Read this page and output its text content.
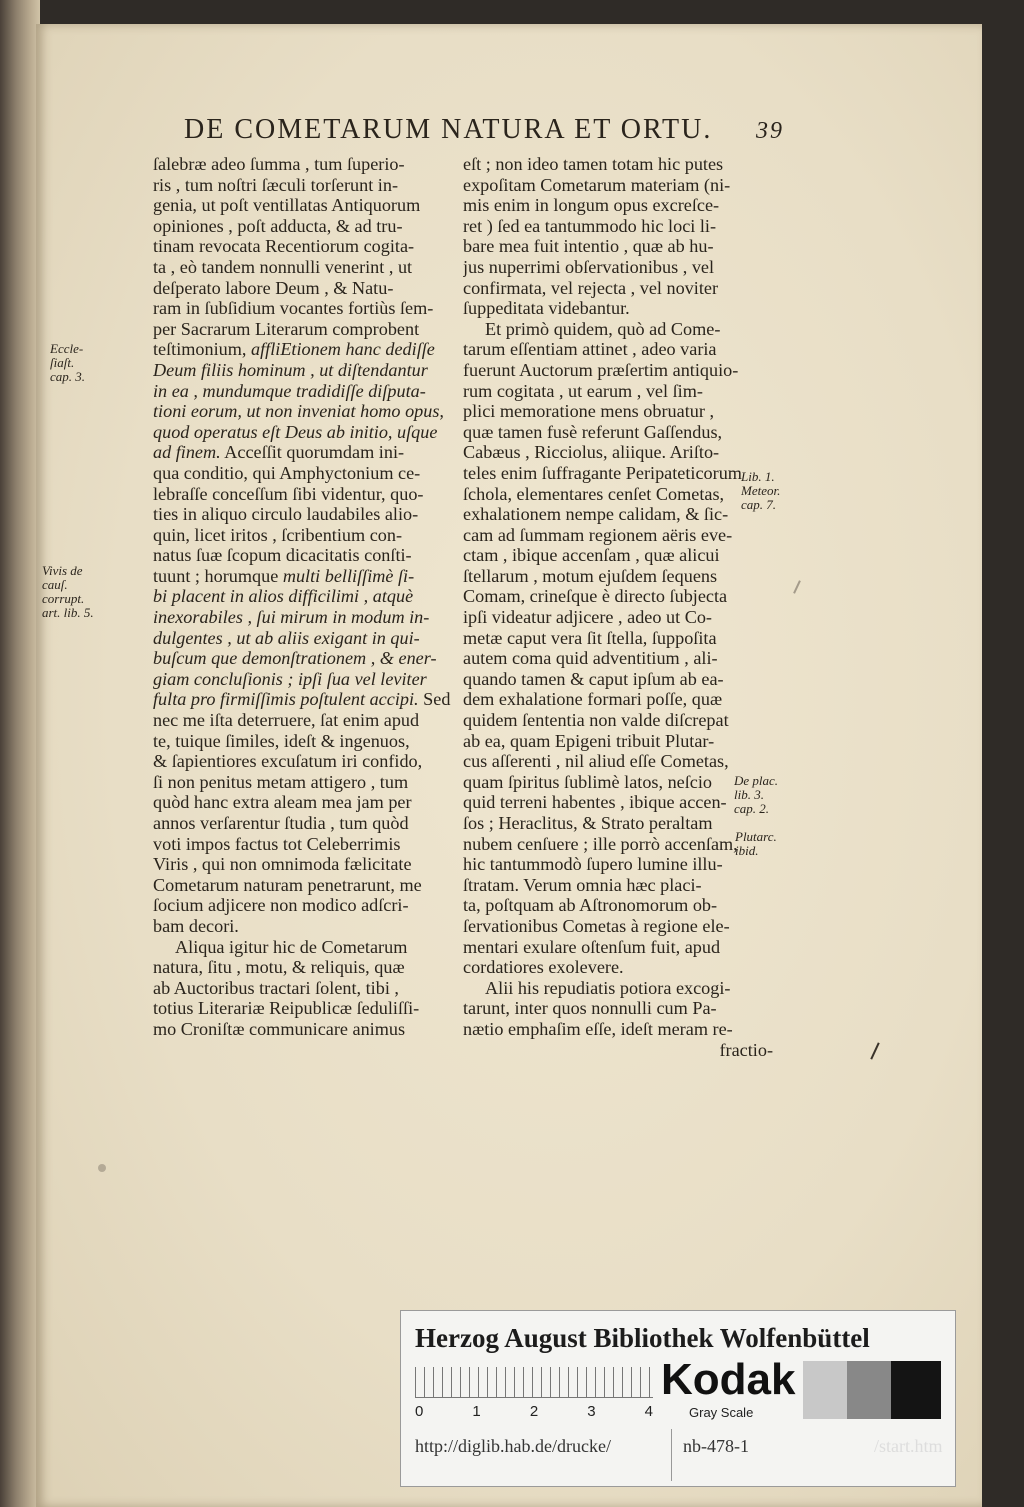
DE COMETARUM NATURA ET ORTU.	39
ſalebræ adeo ſumma , tum ſuperio-
ris , tum noſtri ſæculi torſerunt in-
genia, ut poſt ventillatas Antiquorum
opiniones , poſt adducta, & ad tru-
tinam revocata Recentiorum cogita-
ta , eò tandem nonnulli venerint , ut
deſperato labore Deum , & Natu-
ram in ſubſidium vocantes fortiùs ſem-
per Sacrarum Literarum comprobent
teſtimonium, affliEtionem hanc dediſſe
Deum filiis hominum , ut diſtendantur
in ea , mundumque tradidiſſe diſputa-
tioni eorum, ut non inveniat homo opus,
quod operatus eſt Deus ab initio, uſque
ad finem. Acceſſit quorumdam ini-
qua conditio, qui Amphyctonium ce-
lebraſſe conceſſum ſibi videntur, quo-
ties in aliquo circulo laudabiles alio-
quin, licet iritos , ſcribentium con-
natus ſuæ ſcopum dicacitatis conſti-
tuunt ; horumque multi belliſſimè ſi-
bi placent in alios difficilimi , atquè
inexorabiles , ſui mirum in modum in-
dulgentes , ut ab aliis exigant in qui-
buſcum que demonſtrationem , & ener-
giam concluſionis ; ipſi ſua vel leviter
fulta pro firmiſſimis poſtulent accipi. Sed
nec me iſta deterruere, ſat enim apud
te, tuique ſimiles, ideſt & ingenuos,
& ſapientiores excuſatum iri confido,
ſi non penitus metam attigero , tum
quòd hanc extra aleam mea jam per
annos verſarentur ſtudia , tum quòd
voti impos factus tot Celeberrimis
Viris , qui non omnimoda fælicitate
Cometarum naturam penetrarunt, me
ſocium adjicere non modico adſcri-
bam decori.
Aliqua igitur hic de Cometarum
natura, ſitu , motu, & reliquis, quæ
ab Auctoribus tractari ſolent, tibi ,
totius Literariæ Reipublicæ ſeduliſſi-
mo Croniſtæ communicare animus
eſt ; non ideo tamen totam hic putes
expoſitam Cometarum materiam (ni-
mis enim in longum opus excreſce-
ret ) ſed ea tantummodo hic loci li-
bare mea fuit intentio , quæ ab hu-
jus nuperrimi obſervationibus , vel
confirmata, vel rejecta , vel noviter
ſuppeditata videbantur.
Et primò quidem, quò ad Come-
tarum eſſentiam attinet , adeo varia
fuerunt Auctorum præſertim antiquio-
rum cogitata , ut earum , vel ſim-
plici memoratione mens obruatur ,
quæ tamen fusè referunt Gaſſendus,
Cabæus , Ricciolus, aliique. Ariſto-
teles enim ſuffragante Peripateticorum
ſchola, elementares cenſet Cometas,
exhalationem nempe calidam, & ſic-
cam ad ſummam regionem aëris eve-
ctam , ibique accenſam , quæ alicui
ſtellarum , motum ejuſdem ſequens
Comam, crineſque è directo ſubjecta
ipſi videatur adjicere , adeo ut Co-
metæ caput vera ſit ſtella, ſuppoſita
autem coma quid adventitium , ali-
quando tamen & caput ipſum ab ea-
dem exhalatione formari poſſe, quæ
quidem ſententia non valde diſcrepat
ab ea, quam Epigeni tribuit Plutar-
cus aſſerenti , nil aliud eſſe Cometas,
quam ſpiritus ſublimè latos, neſcio
quid terreni habentes , ibique accen-
ſos ; Heraclitus, & Strato peraltam
nubem cenſuere ; ille porrò accenſam,
hic tantummodò ſupero lumine illu-
ſtratam. Verum omnia hæc placi-
ta, poſtquam ab Aſtronomorum ob-
ſervationibus Cometas à regione ele-
mentari exulare oſtenſum fuit, apud
cordatiores exolevere.
Alii his repudiatis potiora excogi-
tarunt, inter quos nonnulli cum Pa-
nætio emphaſim eſſe, ideſt meram re-
fractio-
Eccle-
ſiaſt.
cap. 3.
Vivis de
cauſ.
corrupt.
art. lib. 5.
Lib. 1.
Meteor.
cap. 7.
De plac.
lib. 3.
cap. 2.
Plutarc.
ibid.
Herzog August Bibliothek Wolfenbüttel
0	1	2	3	4
Kodak
Gray Scale
http://diglib.hab.de/drucke/	nb-478-1	/start.htm
